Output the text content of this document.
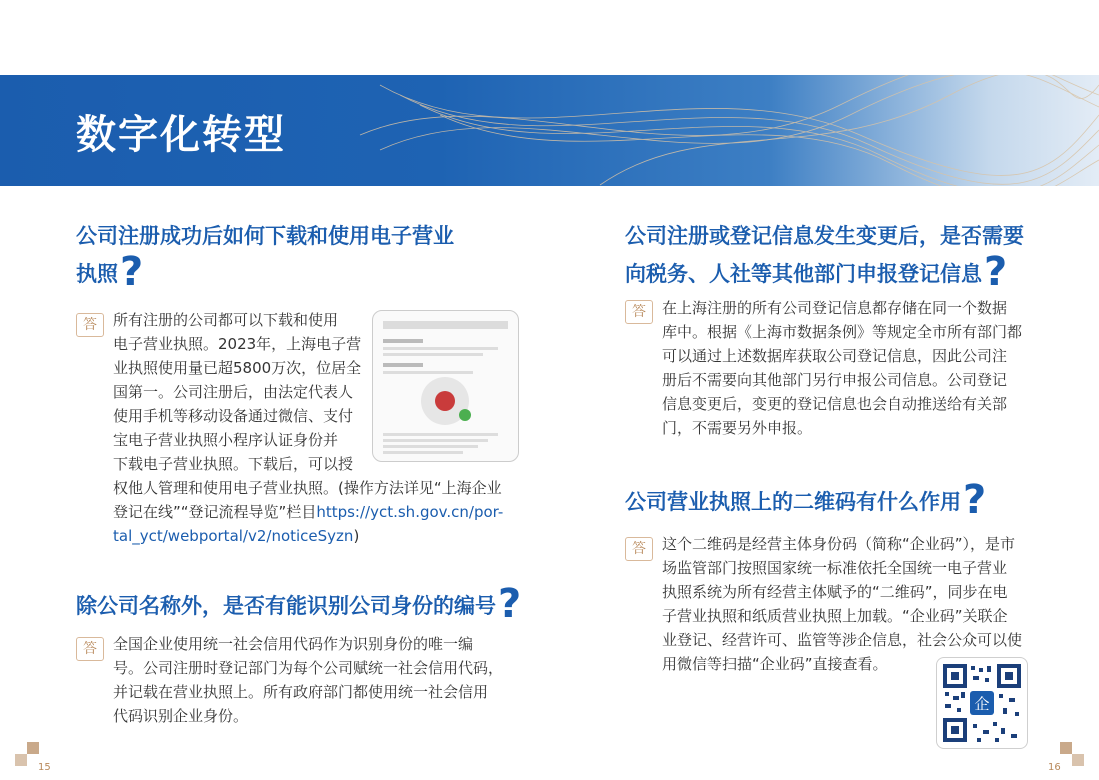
数字化转型
公司注册成功后如何下载和使用电子营业
执照?
答	所有注册的公司都可以下载和使用
电子营业执照。2023年，上海电子营
业执照使用量已超5800万次，位居全
国第一。公司注册后，由法定代表人
使用手机等移动设备通过微信、支付
宝电子营业执照小程序认证身份并
下载电子营业执照。下载后，可以授
权他人管理和使用电子营业执照。(操作方法详见“上海企业
登记在线”“登记流程导览”栏目https://yct.sh.gov.cn/por-
tal_yct/webportal/v2/noticeSyzn)
除公司名称外，是否有能识别公司身份的编号?
答	全国企业使用统一社会信用代码作为识别身份的唯一编
号。公司注册时登记部门为每个公司赋统一社会信用代码，
并记载在营业执照上。所有政府部门都使用统一社会信用
代码识别企业身份。
公司注册或登记信息发生变更后，是否需要
向税务、人社等其他部门申报登记信息?
答	在上海注册的所有公司登记信息都存储在同一个数据
库中。根据《上海市数据条例》等规定全市所有部门都
可以通过上述数据库获取公司登记信息，因此公司注
册后不需要向其他部门另行申报公司信息。公司登记
信息变更后，变更的登记信息也会自动推送给有关部
门，不需要另外申报。
公司营业执照上的二维码有什么作用?
答	这个二维码是经营主体身份码（简称“企业码”），是市
场监管部门按照国家统一标准依托全国统一电子营业
执照系统为所有经营主体赋予的“二维码”，同步在电
子营业执照和纸质营业执照上加载。“企业码”关联企
业登记、经营许可、监管等涉企信息，社会公众可以使
用微信等扫描“企业码”直接查看。
企
15	16
